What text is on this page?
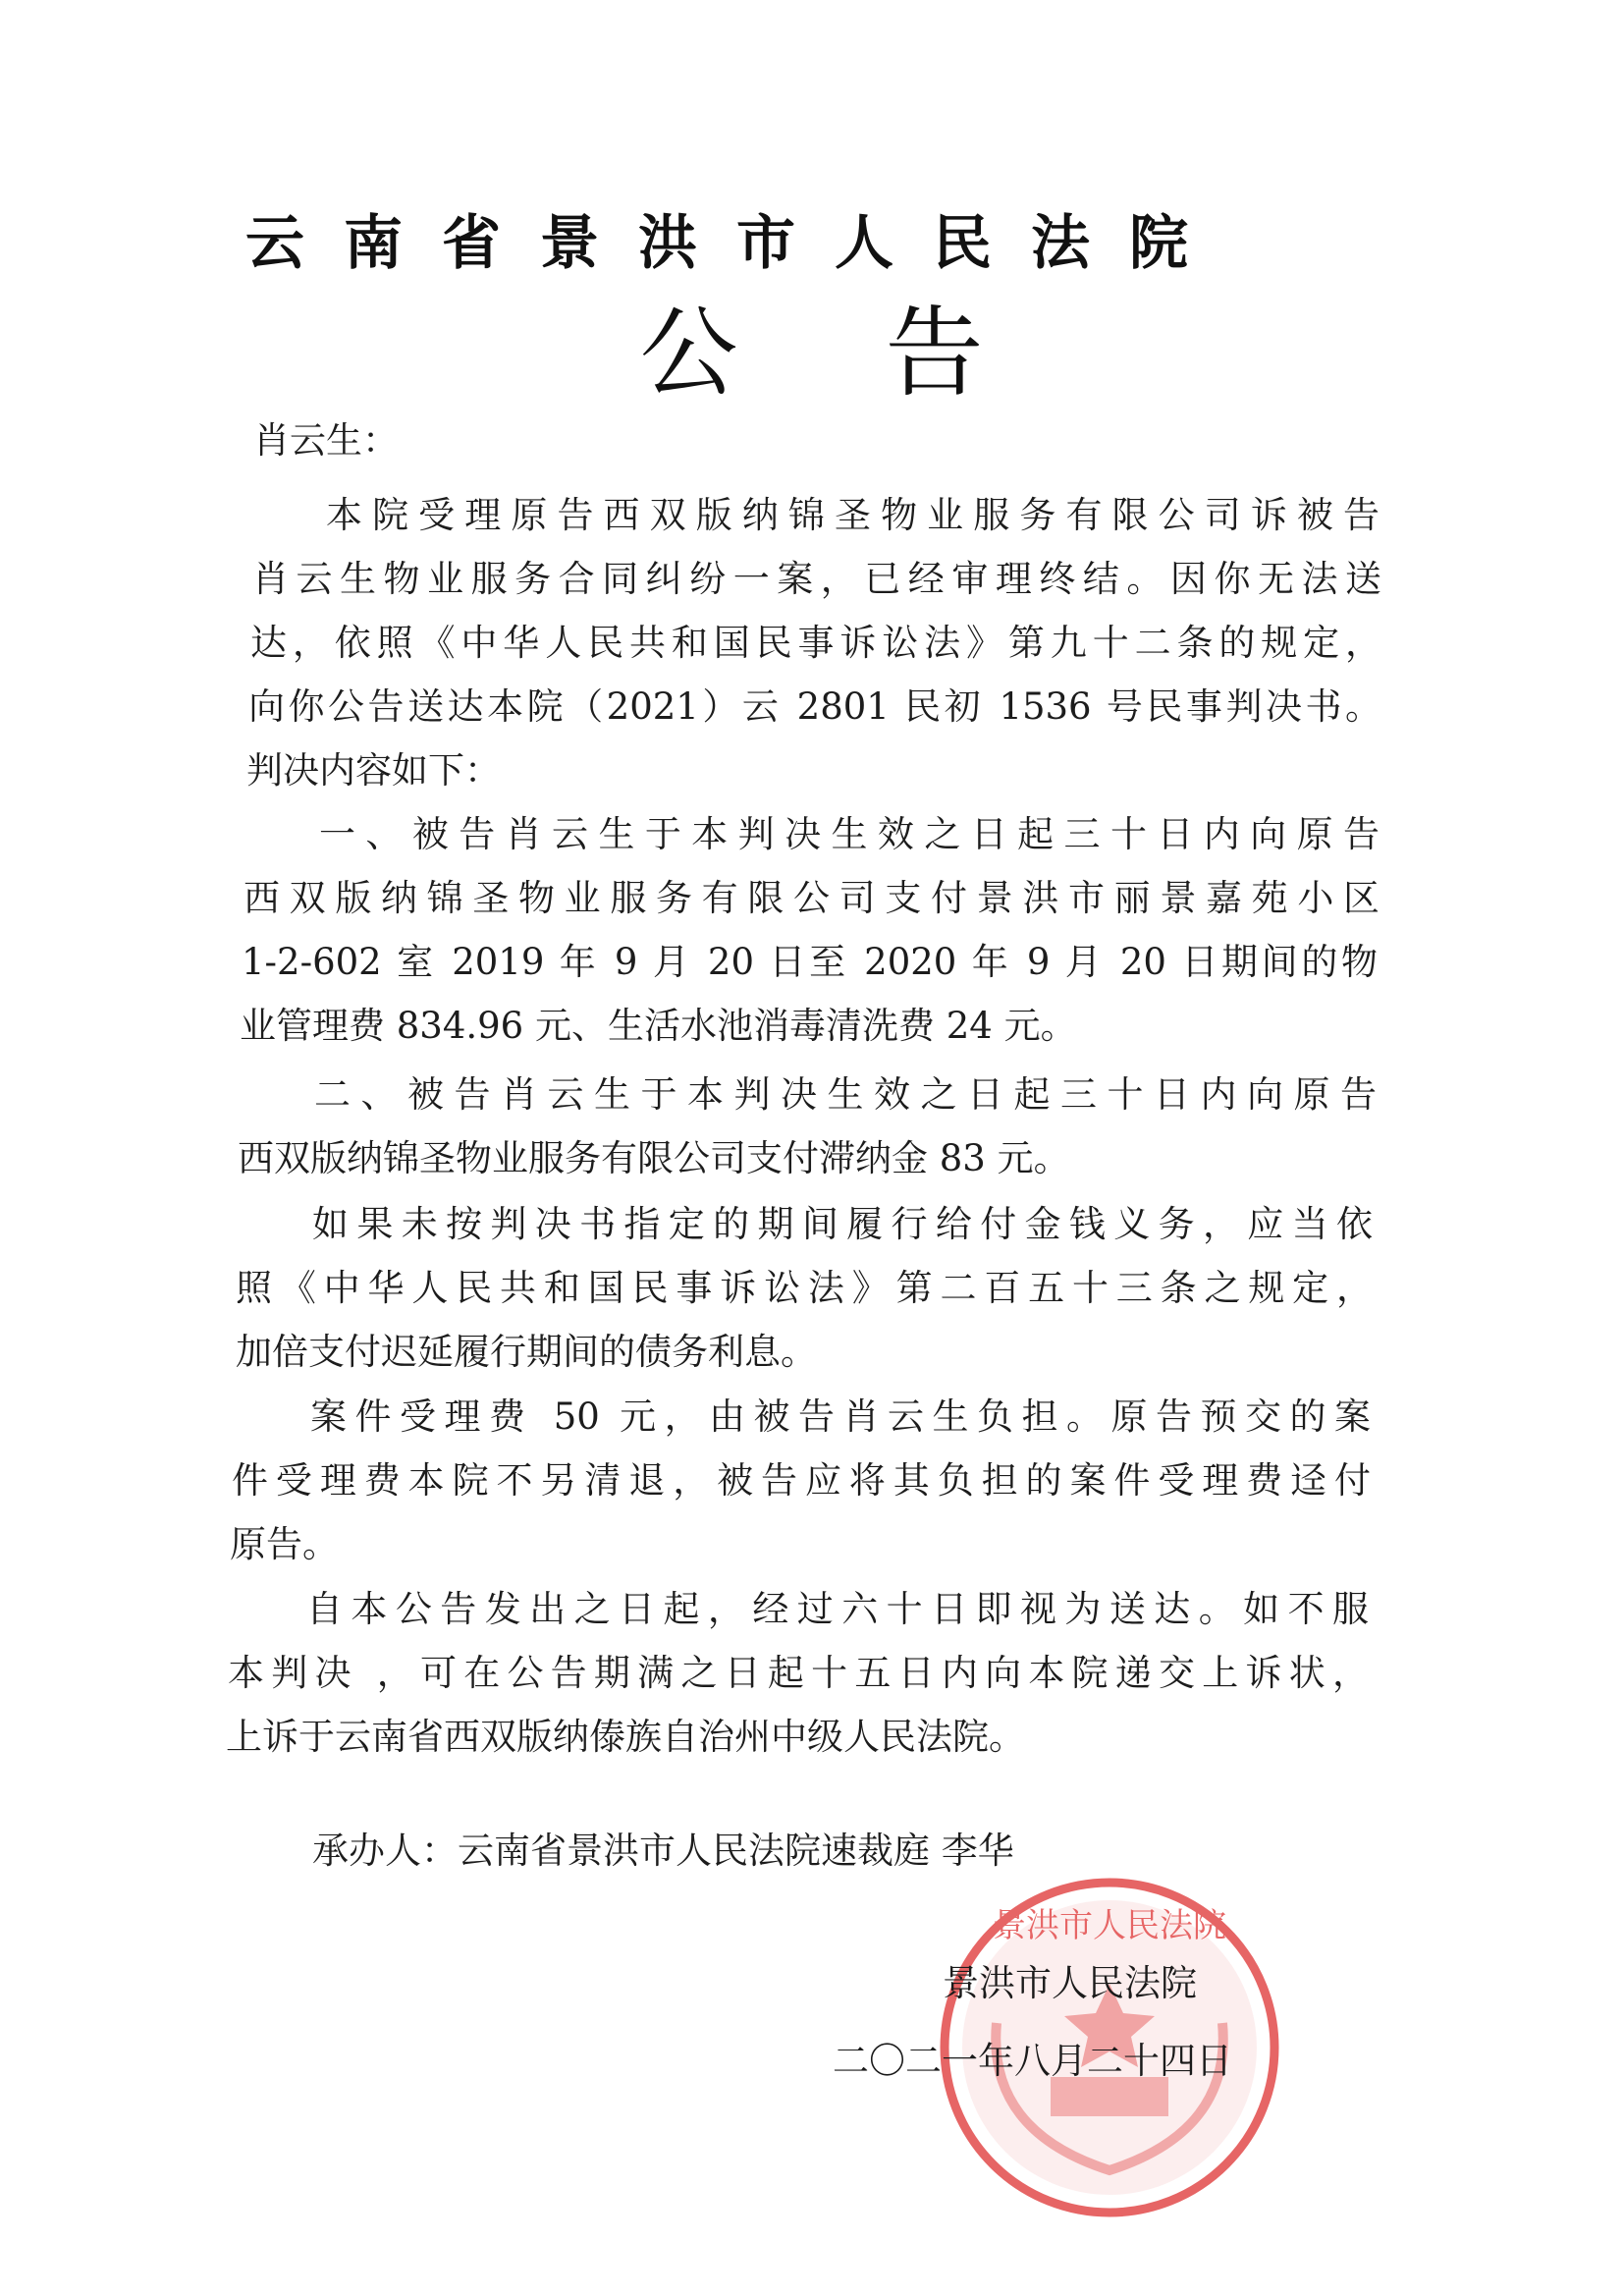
云南省景洪市人民法院
公告
肖云生：
本院受理原告西双版纳锦圣物业服务有限公司诉被告
肖云生物业服务合同纠纷一案，已经审理终结。因你无法送
达，依照《中华人民共和国民事诉讼法》第九十二条的规定，
向你公告送达本院（2021）云 2801 民初 1536 号民事判决书。
判决内容如下：
一、被告肖云生于本判决生效之日起三十日内向原告
西双版纳锦圣物业服务有限公司支付景洪市丽景嘉苑小区
1-2-602 室 2019 年 9 月 20 日至 2020 年 9 月 20 日期间的物
业管理费 834.96 元、生活水池消毒清洗费 24 元。
二、被告肖云生于本判决生效之日起三十日内向原告
西双版纳锦圣物业服务有限公司支付滞纳金 83 元。
如果未按判决书指定的期间履行给付金钱义务，应当依
照《中华人民共和国民事诉讼法》第二百五十三条之规定，
加倍支付迟延履行期间的债务利息。
案件受理费 50 元，由被告肖云生负担。原告预交的案
件受理费本院不另清退，被告应将其负担的案件受理费迳付
原告。
自本公告发出之日起，经过六十日即视为送达。如不服
本判决 ，可在公告期满之日起十五日内向本院递交上诉状，
上诉于云南省西双版纳傣族自治州中级人民法院。
承办人：云南省景洪市人民法院速裁庭 李华
景洪市人民法院
景洪市人民法院
二〇二一年八月二十四日
